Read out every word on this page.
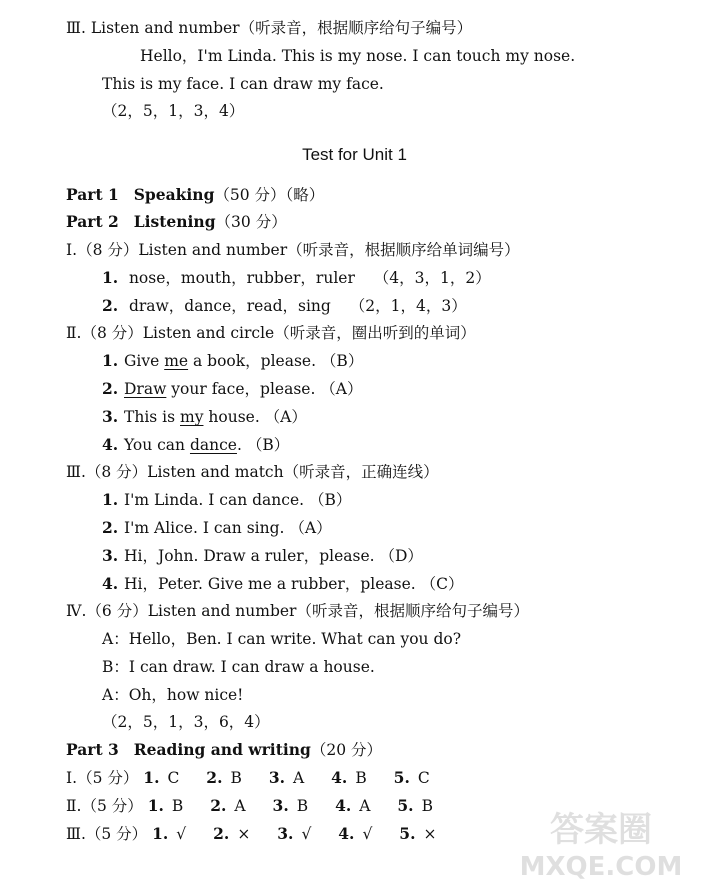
Ⅲ. Listen and number（听录音，根据顺序给句子编号）
Hello，I'm Linda. This is my nose. I can touch my nose.
This is my face. I can draw my face.
（2，5，1，3，4）
Test for Unit 1
Part 1 Speaking（50 分）（略）
Part 2 Listening（30 分）
Ⅰ.（8 分）Listen and number（听录音，根据顺序给单词编号）
1. nose，mouth，rubber，ruler （4，3，1，2）
2. draw，dance，read，sing （2，1，4，3）
Ⅱ.（8 分）Listen and circle（听录音，圈出听到的单词）
1. Give me a book，please. （B）
2. Draw your face，please. （A）
3. This is my house. （A）
4. You can dance. （B）
Ⅲ.（8 分）Listen and match（听录音，正确连线）
1. I'm Linda. I can dance. （B）
2. I'm Alice. I can sing. （A）
3. Hi，John. Draw a ruler，please. （D）
4. Hi，Peter. Give me a rubber，please. （C）
Ⅳ.（6 分）Listen and number（听录音，根据顺序给句子编号）
A：Hello，Ben. I can write. What can you do?
B：I can draw. I can draw a house.
A：Oh，how nice!
（2，5，1，3，6，4）
Part 3 Reading and writing（20 分）
Ⅰ.（5 分） 1. C 2. B 3. A 4. B 5. C
Ⅱ.（5 分） 1. B 2. A 3. B 4. A 5. B
Ⅲ.（5 分） 1. √ 2. × 3. √ 4. √ 5. ×	答案圈
MXQE.COM
